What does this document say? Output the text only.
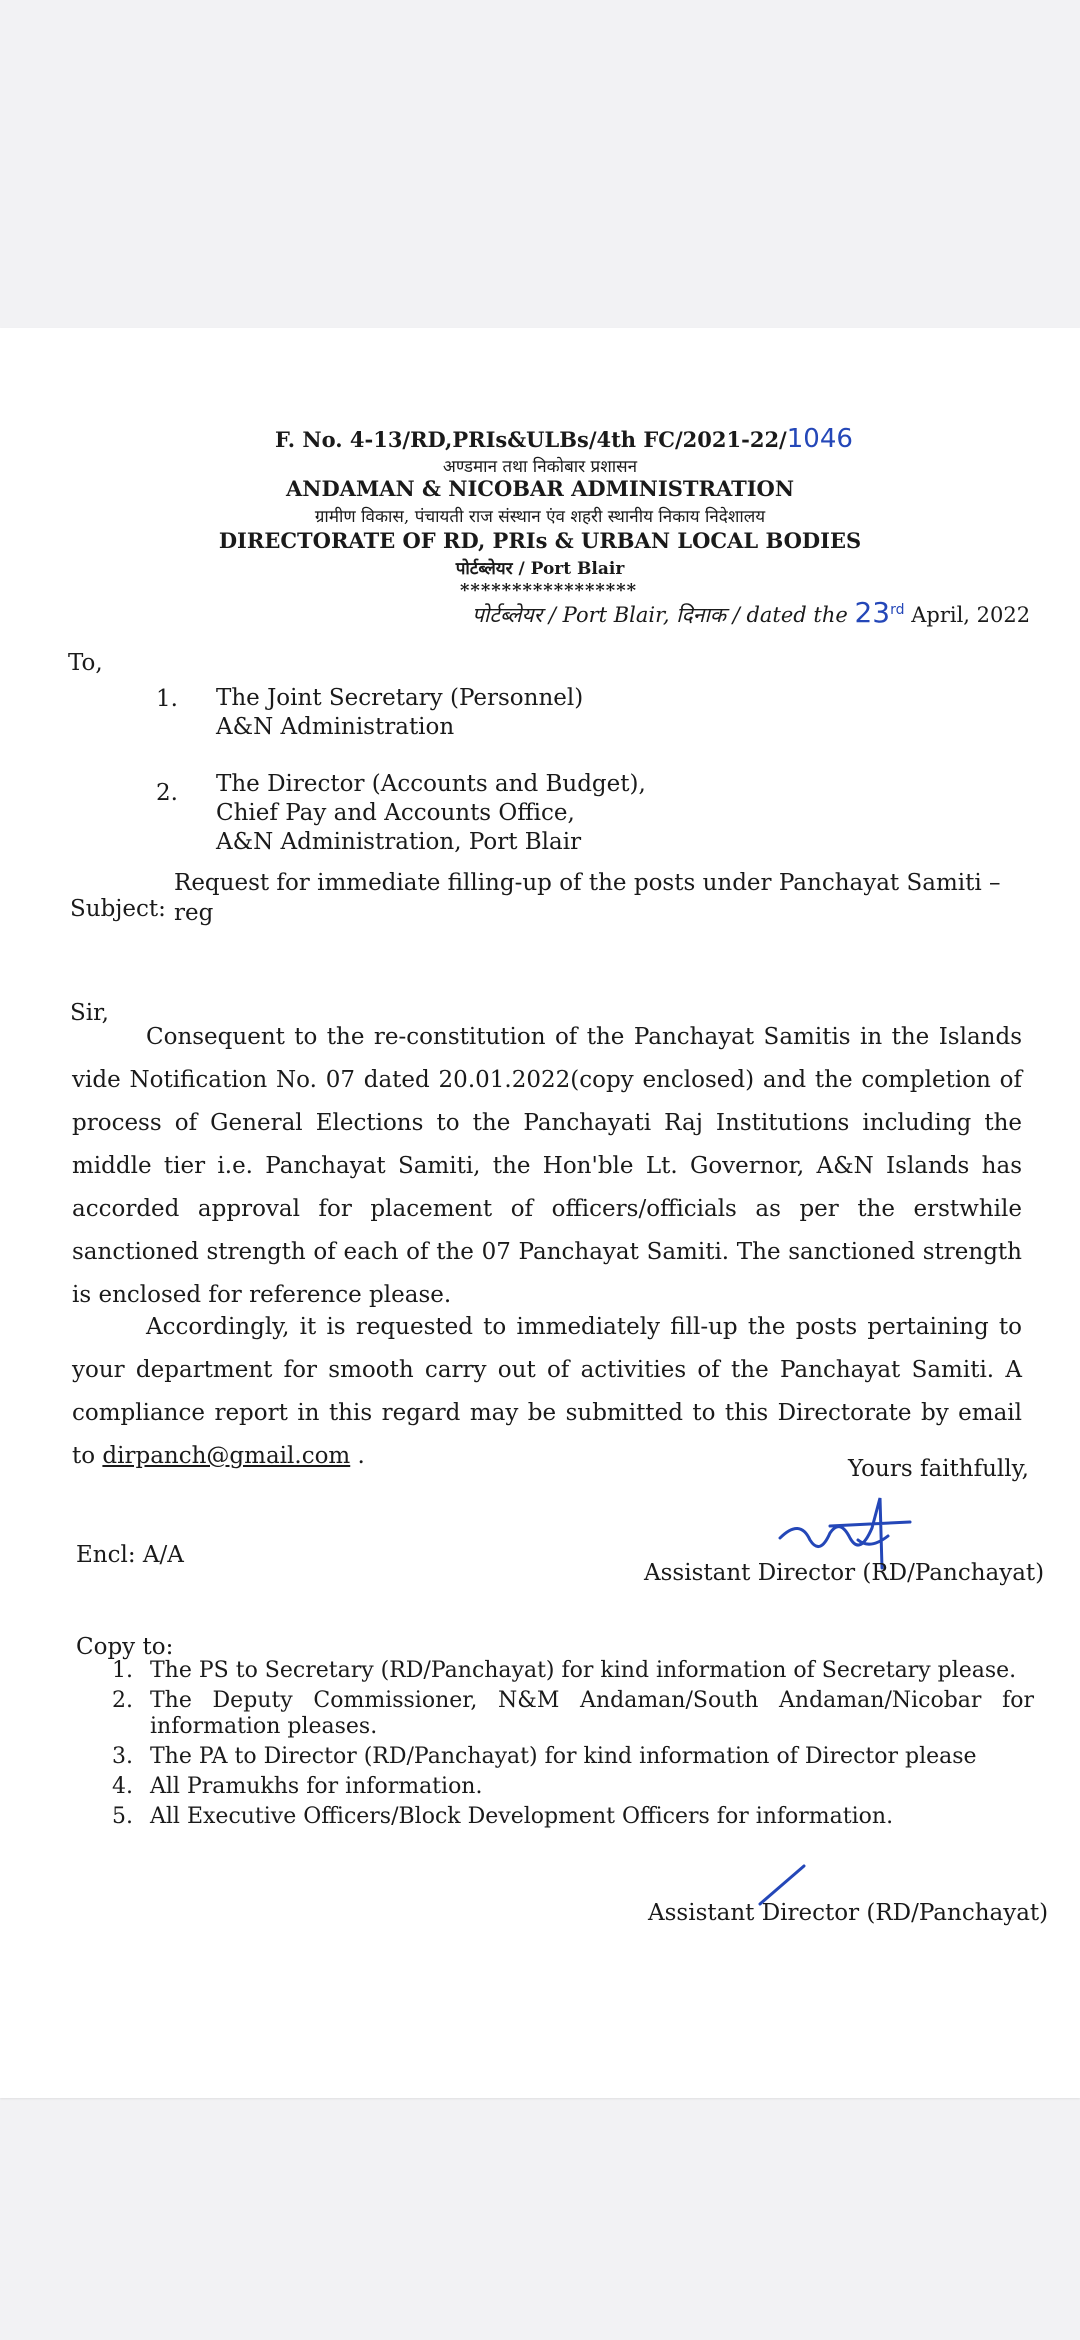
F. No. 4-13/RD,PRIs&ULBs/4th FC/2021-22/1046
अण्डमान तथा निकोबार प्रशासन
ANDAMAN & NICOBAR ADMINISTRATION
ग्रामीण विकास, पंचायती राज संस्थान एंव शहरी स्थानीय निकाय निदेशालय
DIRECTORATE OF RD, PRIs & URBAN LOCAL BODIES
पोर्टब्लेयर / Port Blair
*****************
पोर्टब्लेयर / Port Blair, दिनाक / dated the 23rd April, 2022
To,
1. The Joint Secretary (Personnel)
A&N Administration
2. The Director (Accounts and Budget),
Chief Pay and Accounts Office,
A&N Administration, Port Blair
Subject:
Request for immediate filling-up of the posts under Panchayat Samiti –
reg
Sir,
Consequent to the re-constitution of the Panchayat Samitis in the Islands vide Notification No. 07 dated 20.01.2022(copy enclosed) and the completion of process of General Elections to the Panchayati Raj Institutions including the middle tier i.e. Panchayat Samiti, the Hon'ble Lt. Governor, A&N Islands has accorded approval for placement of officers/officials as per the erstwhile sanctioned strength of each of the 07 Panchayat Samiti. The sanctioned strength is enclosed for reference please.
Accordingly, it is requested to immediately fill-up the posts pertaining to your department for smooth carry out of activities of the Panchayat Samiti. A compliance report in this regard may be submitted to this Directorate by email to dirpanch@gmail.com .	Yours faithfully,
Encl: A/A
Assistant Director (RD/Panchayat)
Copy to:
1. The PS to Secretary (RD/Panchayat) for kind information of Secretary please.
2. The Deputy Commissioner, N&M Andaman/South Andaman/Nicobar for information pleases.
3. The PA to Director (RD/Panchayat) for kind information of Director please
4. All Pramukhs for information.
5. All Executive Officers/Block Development Officers for information.
Assistant Director (RD/Panchayat)
